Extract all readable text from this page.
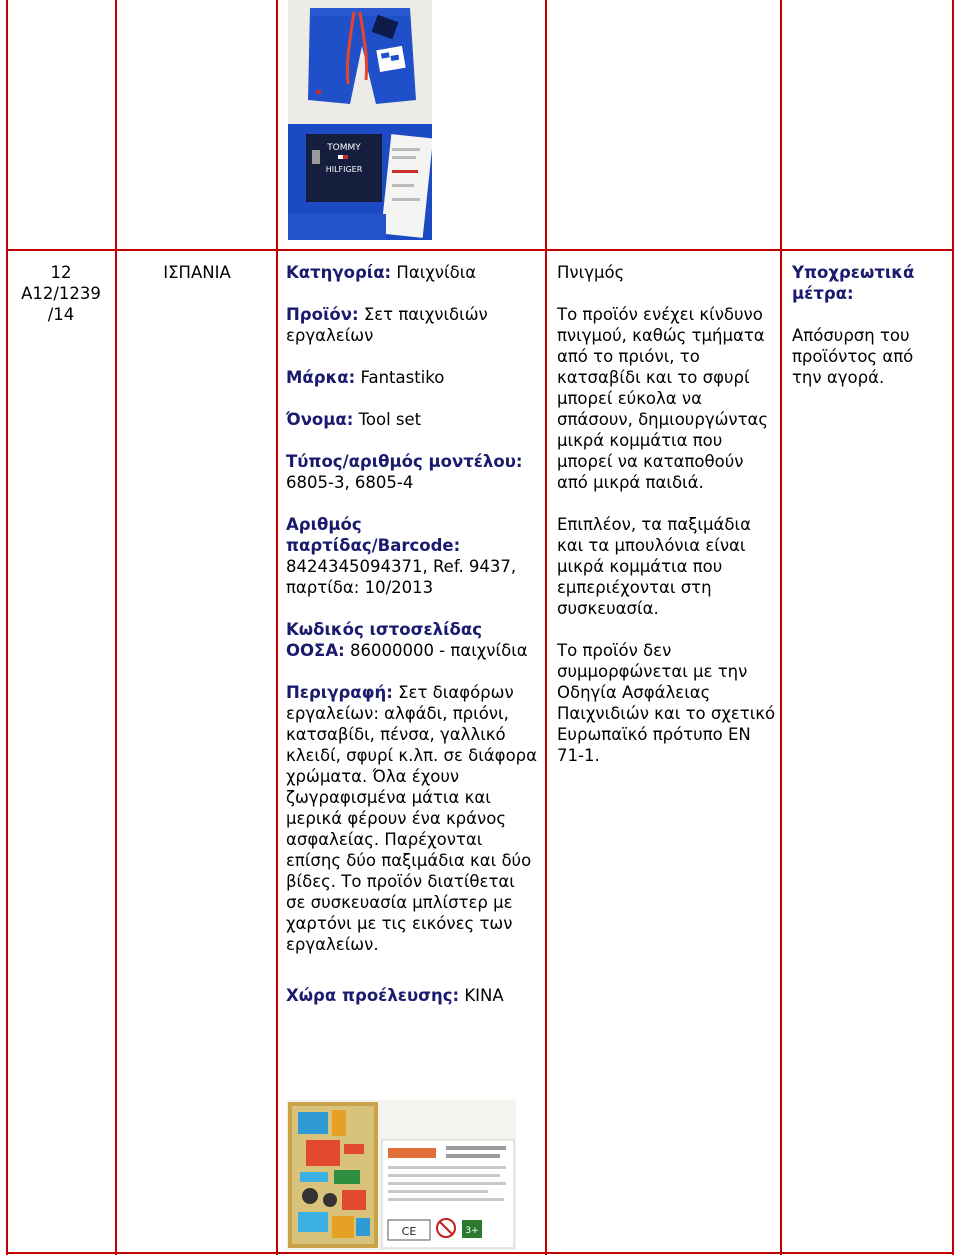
TOMMY
HILFIGER
12
A12/1239
/14
ΙΣΠΑΝΙΑ	Κατηγορία: Παιχνίδια

Προϊόν: Σετ παιχνιδιών εργαλείων

Μάρκα: Fantastiko

Όνομα: Tool set

Τύπος/αριθμός μοντέλου: 6805-3, 6805-4

Αριθμός παρτίδας/Barcode: 8424345094371, Ref. 9437, παρτίδα: 10/2013

Κωδικός ιστοσελίδας ΟΟΣΑ: 86000000 - παιχνίδια

Περιγραφή: Σετ διαφόρων εργαλείων: αλφάδι, πριόνι, κατσαβίδι, πένσα, γαλλικό κλειδί, σφυρί κ.λπ. σε διάφορα χρώματα. Όλα έχουν ζωγραφισμένα μάτια και μερικά φέρουν ένα κράνος ασφαλείας. Παρέχονται επίσης δύο παξιμάδια και δύο βίδες. Το προϊόν διατίθεται σε συσκευασία μπλίστερ με χαρτόνι με τις εικόνες των εργαλείων.

Χώρα προέλευσης: ΚΙΝΑ

CE	3+

Πνιγμός

Το προϊόν ενέχει κίνδυνο πνιγμού, καθώς τμήματα από το πριόνι, το κατσαβίδι και το σφυρί μπορεί εύκολα να σπάσουν, δημιουργώντας μικρά κομμάτια που μπορεί να καταποθούν από μικρά παιδιά.

Επιπλέον, τα παξιμάδια και τα μπουλόνια είναι μικρά κομμάτια που εμπεριέχονται στη συσκευασία.

Το προϊόν δεν συμμορφώνεται με την Οδηγία Ασφάλειας Παιχνιδιών και το σχετικό Ευρωπαϊκό πρότυπο EN 71-1.

Υποχρεωτικά μέτρα:

Απόσυρση του προϊόντος από την αγορά.
